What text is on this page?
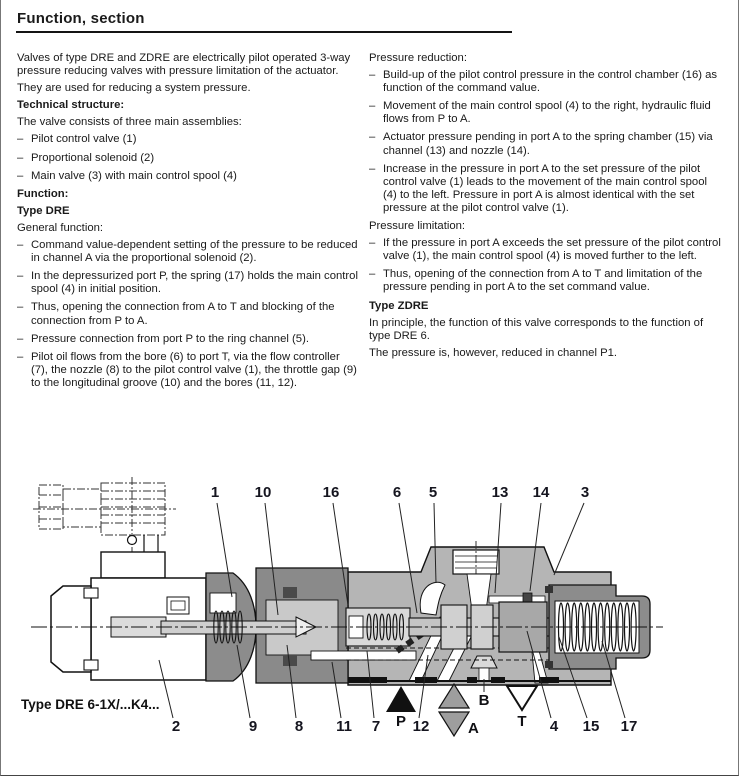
Function, section

Valves of type DRE and ZDRE are electrically pilot operated 3-way pressure reducing valves with pressure limitation of the actuator.

They are used for reducing a system pressure.

Technical structure:

The valve consists of three main assemblies:

– Pilot control valve (1)
– Proportional solenoid (2)
– Main valve (3) with main control spool (4)

Function:

Type DRE

General function:

– Command value-dependent setting of the pressure to be reduced in channel A via the proportional solenoid (2).
– In the depressurized port P, the spring (17) holds the main control spool (4) in initial position.
– Thus, opening the connection from A to T and blocking of the connection from P to A.
– Pressure connection from port P to the ring channel (5).
– Pilot oil flows from the bore (6) to port T, via the flow controller (7), the nozzle (8) to the pilot control valve (1), the throttle gap (9) to the longitudinal groove (10) and the bores (11, 12).

Pressure reduction:

– Build-up of the pilot control pressure in the control chamber (16) as function of the command value.
– Movement of the main control spool (4) to the right, hydraulic fluid flows from P to A.
– Actuator pressure pending in port A to the spring chamber (15) via channel (13) and nozzle (14).
– Increase in the pressure in port A to the set pressure of the pilot control valve (1) leads to the movement of the main control spool (4) to the left. Pressure in port A is almost identical with the set pressure at the pilot control valve (1).

Pressure limitation:

– If the pressure in port A exceeds the set pressure of the pilot control valve (1), the main control spool (4) is moved further to the left.
– Thus, opening of the connection from A to T and limitation of the pressure pending in port A to the set command value.

Type ZDRE

In principle, the function of this valve corresponds to the function of type DRE 6.

The pressure is, however, reduced in channel P1.

1 10	16	6 5	13 14 3
2	9	8 11 7 12	4 15 17
P	A
B
T
Type DRE 6-1X/...K4...
